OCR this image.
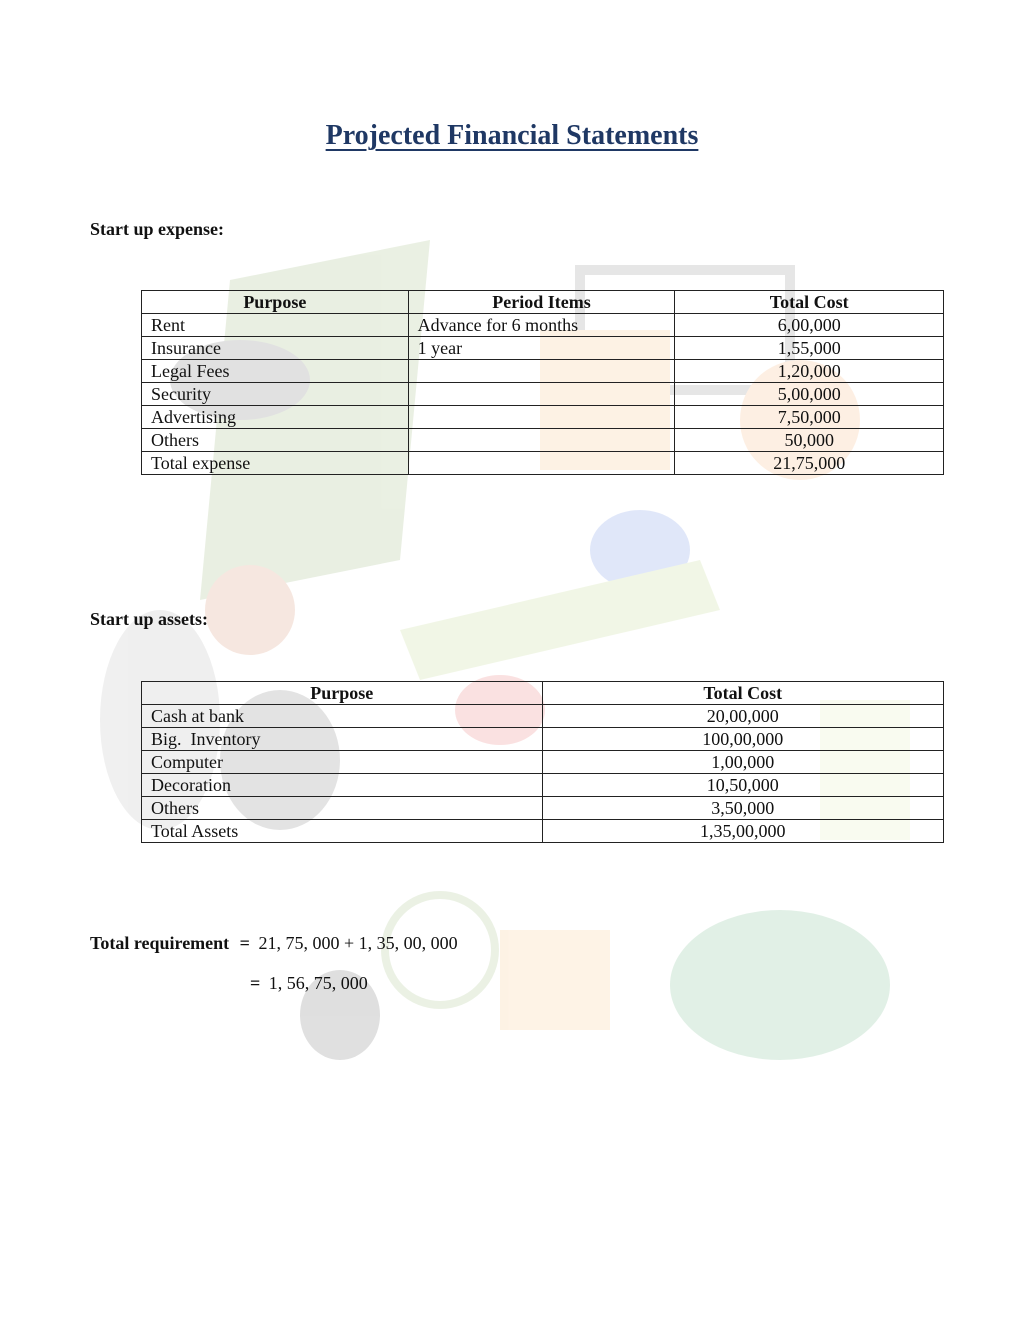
Projected Financial Statements
Start up expense:
Purpose	Period Items	Total Cost
Rent	Advance for 6 months	6,00,000
Insurance	1 year	1,55,000
Legal Fees		1,20,000
Security		5,00,000
Advertising		7,50,000
Others		50,000
Total expense		21,75,000
Start up assets:
Purpose	Total Cost
Cash at bank	20,00,000
Big.  Inventory	100,00,000
Computer	1,00,000
Decoration	10,50,000
Others	3,50,000
Total Assets	1,35,00,000

Total requirement = 21, 75, 000 + 1, 35, 00, 000

= 1, 56, 75, 000
